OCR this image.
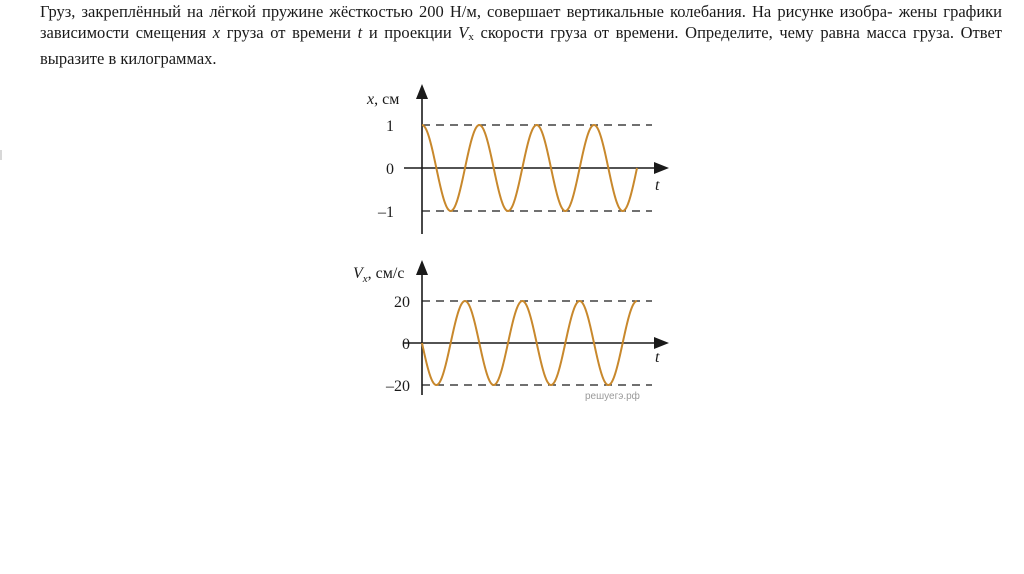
Груз, закреплённый на лёгкой пружине жёсткостью 200 Н/м, совершает вертикальные колебания. На рисунке изобра- жены графики зависимости смещения x груза от времени t и проекции $V_x$ скорости груза от времени. Определите, чему равна масса груза. Ответ выразите в килограммах.
x, см
1
0
–1
t
$V_x$, см/с
20
0
–20
t
решуегэ.рф
